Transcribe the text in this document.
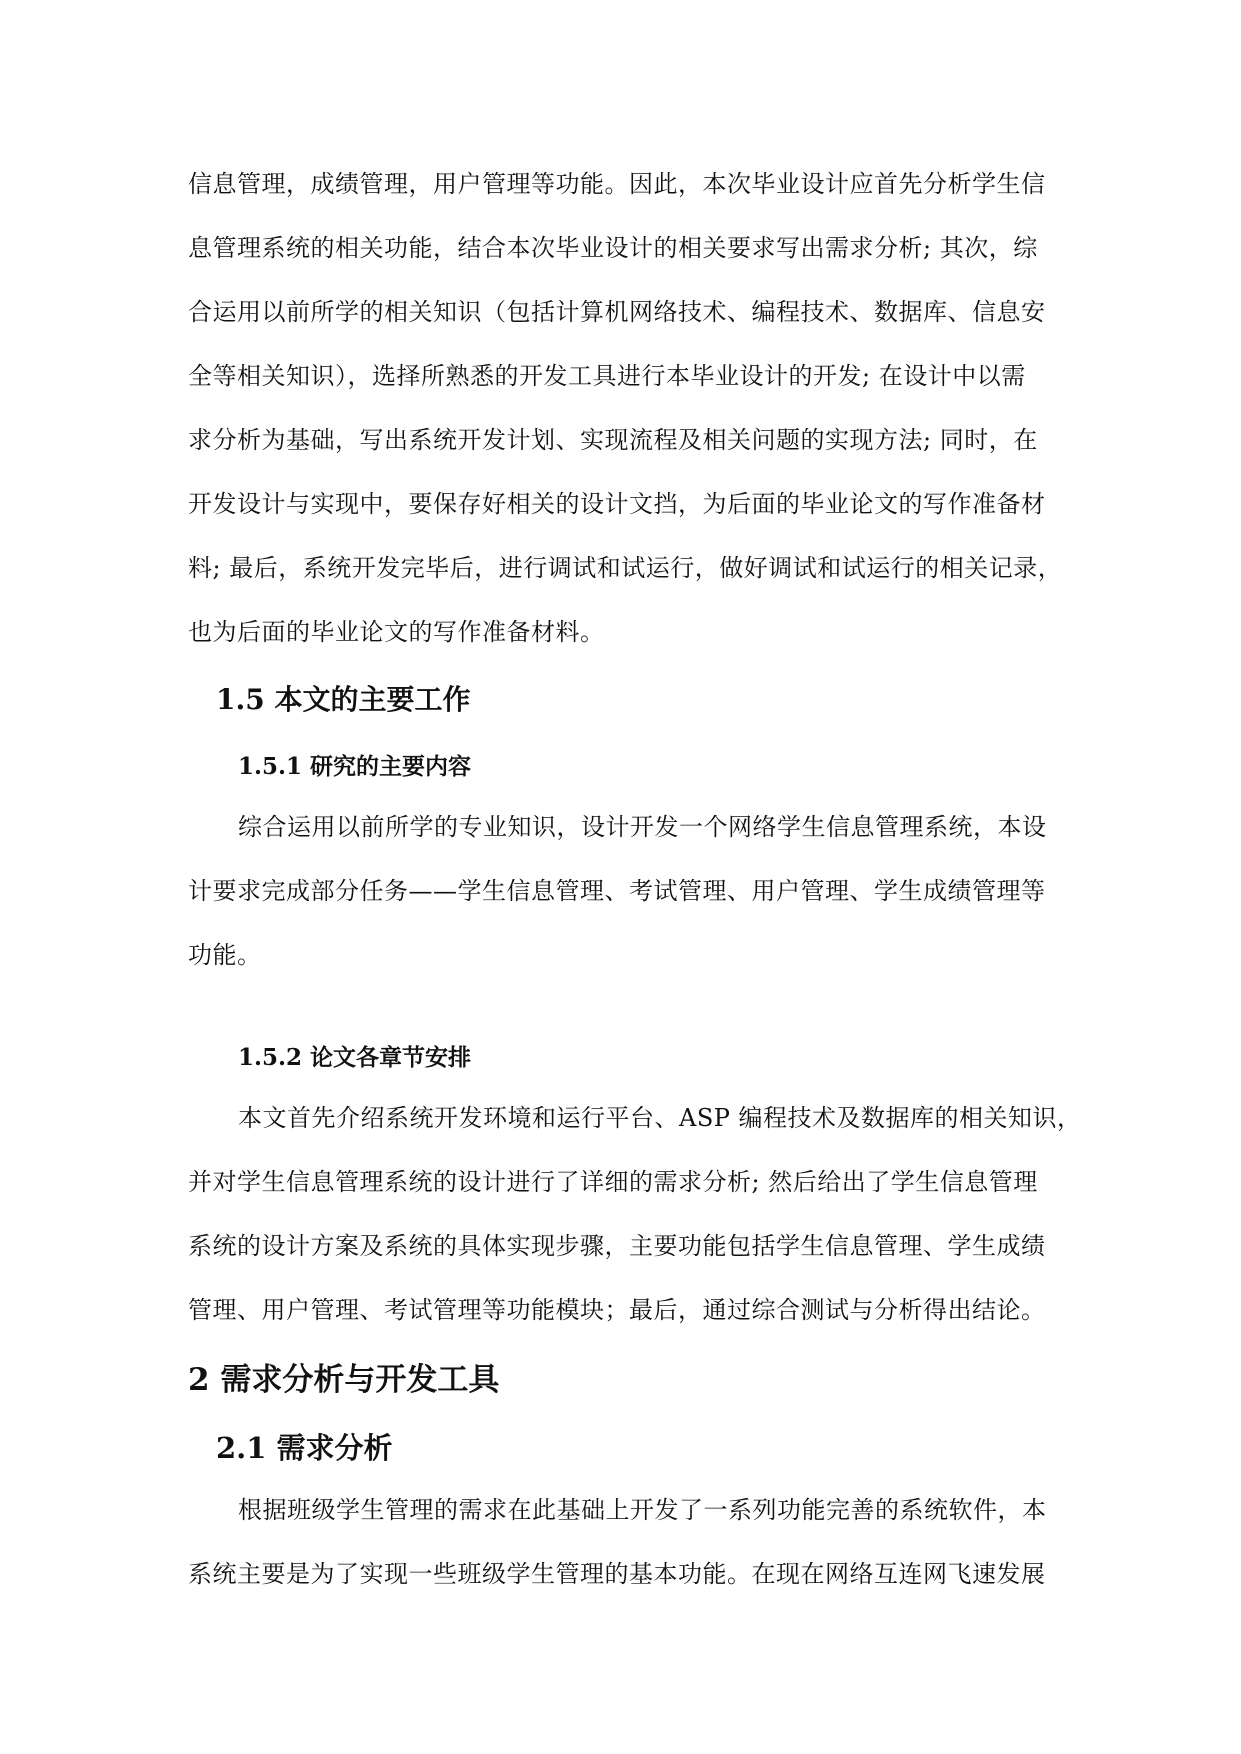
信息管理，成绩管理，用户管理等功能。因此，本次毕业设计应首先分析学生信
息管理系统的相关功能，结合本次毕业设计的相关要求写出需求分析; 其次，综
合运用以前所学的相关知识（包括计算机网络技术、编程技术、数据库、信息安
全等相关知识），选择所熟悉的开发工具进行本毕业设计的开发; 在设计中以需
求分析为基础，写出系统开发计划、实现流程及相关问题的实现方法; 同时，在
开发设计与实现中，要保存好相关的设计文挡，为后面的毕业论文的写作准备材
料; 最后，系统开发完毕后，进行调试和试运行，做好调试和试运行的相关记录，
也为后面的毕业论文的写作准备材料。
1.5 本文的主要工作
1.5.1 研究的主要内容
综合运用以前所学的专业知识，设计开发一个网络学生信息管理系统，本设
计要求完成部分任务——学生信息管理、考试管理、用户管理、学生成绩管理等
功能。
1.5.2 论文各章节安排
本文首先介绍系统开发环境和运行平台、ASP 编程技术及数据库的相关知识，
并对学生信息管理系统的设计进行了详细的需求分析; 然后给出了学生信息管理
系统的设计方案及系统的具体实现步骤，主要功能包括学生信息管理、学生成绩
管理、用户管理、考试管理等功能模块；最后，通过综合测试与分析得出结论。
2 需求分析与开发工具
2.1 需求分析
根据班级学生管理的需求在此基础上开发了一系列功能完善的系统软件，本
系统主要是为了实现一些班级学生管理的基本功能。在现在网络互连网飞速发展
